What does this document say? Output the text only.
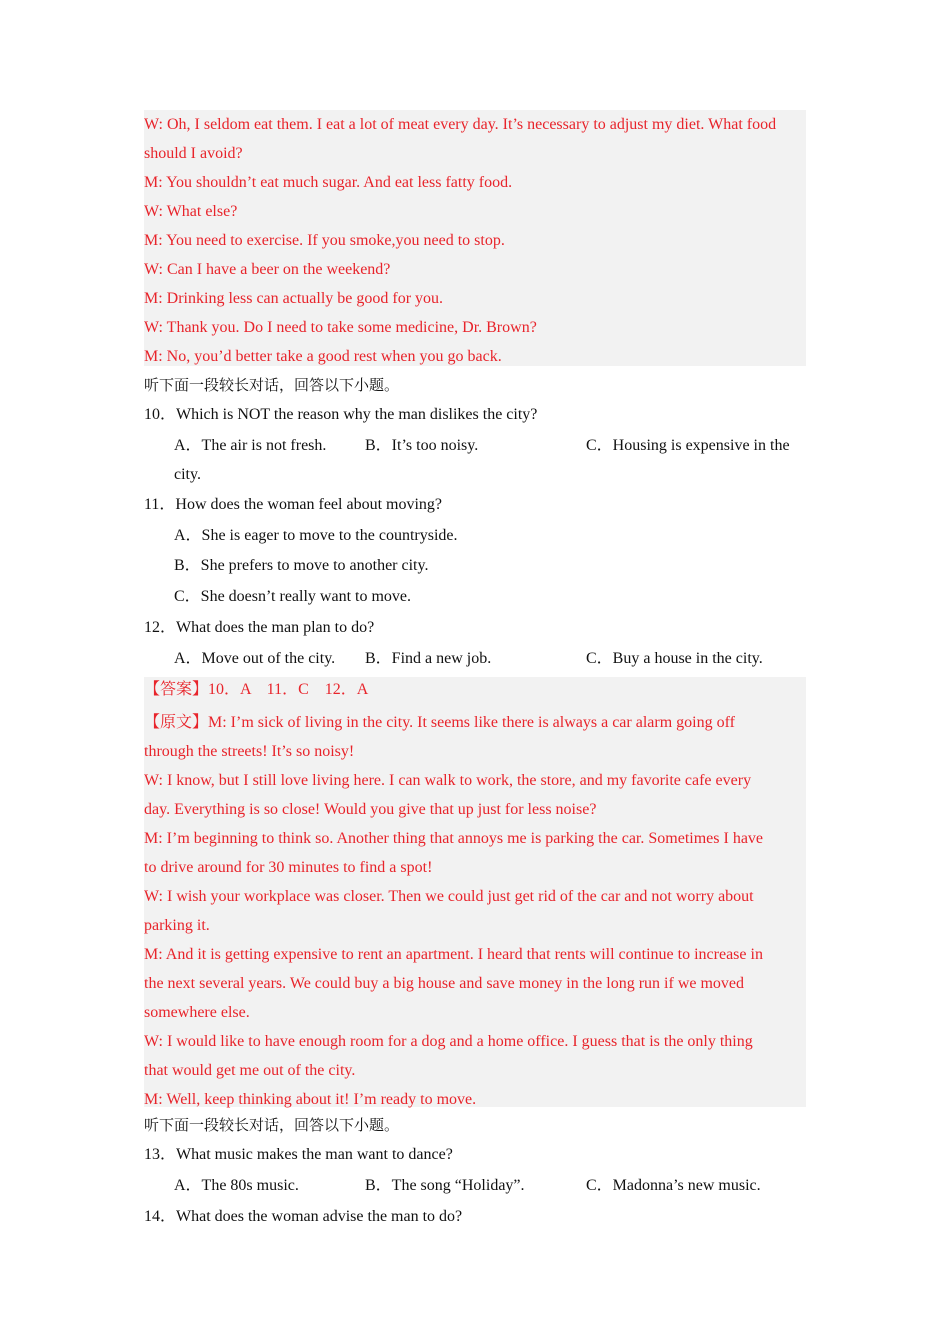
W: Oh, I seldom eat them. I eat a lot of meat every day. It’s necessary to adjust my diet. What food
should I avoid?
M: You shouldn’t eat much sugar. And eat less fatty food.
W: What else?
M: You need to exercise. If you smoke,you need to stop.
W: Can I have a beer on the weekend?
M: Drinking less can actually be good for you.
W: Thank you. Do I need to take some medicine, Dr. Brown?
M: No, you’d better take a good rest when you go back.
听下面一段较长对话，回答以下小题。
10．Which is NOT the reason why the man dislikes the city?
A．The air is not fresh. B．It’s too noisy.	C．Housing is expensive in the
city.
11．How does the woman feel about moving?
A．She is eager to move to the countryside.
B．She prefers to move to another city.
C．She doesn’t really want to move.
12．What does the man plan to do?
A．Move out of the city. B．Find a new job.	C．Buy a house in the city.
【答案】10．A　11．C　12．A
【原文】M: I’m sick of living in the city. It seems like there is always a car alarm going off
through the streets! It’s so noisy!
W: I know, but I still love living here. I can walk to work, the store, and my favorite cafe every
day. Everything is so close! Would you give that up just for less noise?
M: I’m beginning to think so. Another thing that annoys me is parking the car. Sometimes I have
to drive around for 30 minutes to find a spot!
W: I wish your workplace was closer. Then we could just get rid of the car and not worry about
parking it.
M: And it is getting expensive to rent an apartment. I heard that rents will continue to increase in
the next several years. We could buy a big house and save money in the long run if we moved
somewhere else.
W: I would like to have enough room for a dog and a home office. I guess that is the only thing
that would get me out of the city.
M: Well, keep thinking about it! I’m ready to move.
听下面一段较长对话，回答以下小题。
13．What music makes the man want to dance?
A．The 80s music.	B．The song “Holiday”.	C．Madonna’s new music.
14．What does the woman advise the man to do?
